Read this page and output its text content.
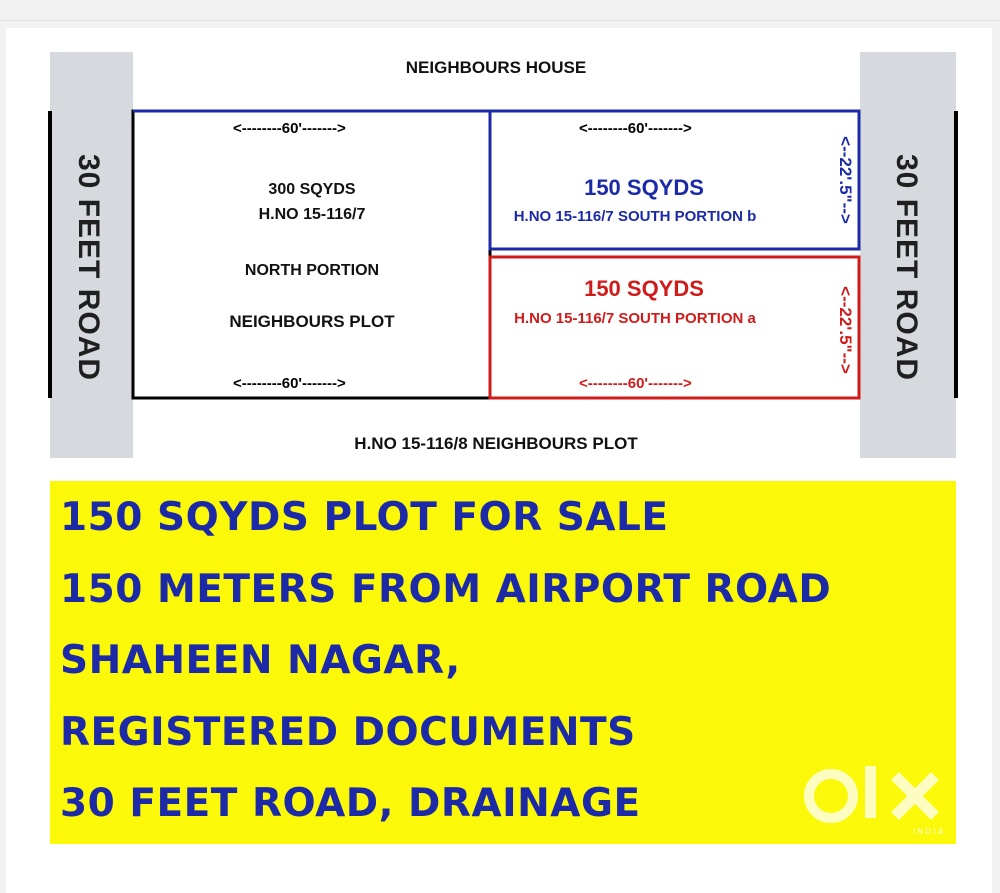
30 FEET ROAD	30 FEET ROAD
NEIGHBOURS HOUSE
H.NO 15-116/8 NEIGHBOURS PLOT
<--------60'------->
300 SQYDS
H.NO 15-116/7
NORTH PORTION
NEIGHBOURS PLOT
<--------60'------->
<--------60'------->
150 SQYDS
H.NO 15-116/7 SOUTH PORTION b	<--22'.5"-->
150 SQYDS
H.NO 15-116/7 SOUTH PORTION a
<--------60'------->
<--22'.5"-->
150 SQYDS PLOT FOR SALE
150 METERS FROM AIRPORT ROAD
SHAHEEN NAGAR,
REGISTERED DOCUMENTS
30 FEET ROAD, DRAINAGE
INDIA
